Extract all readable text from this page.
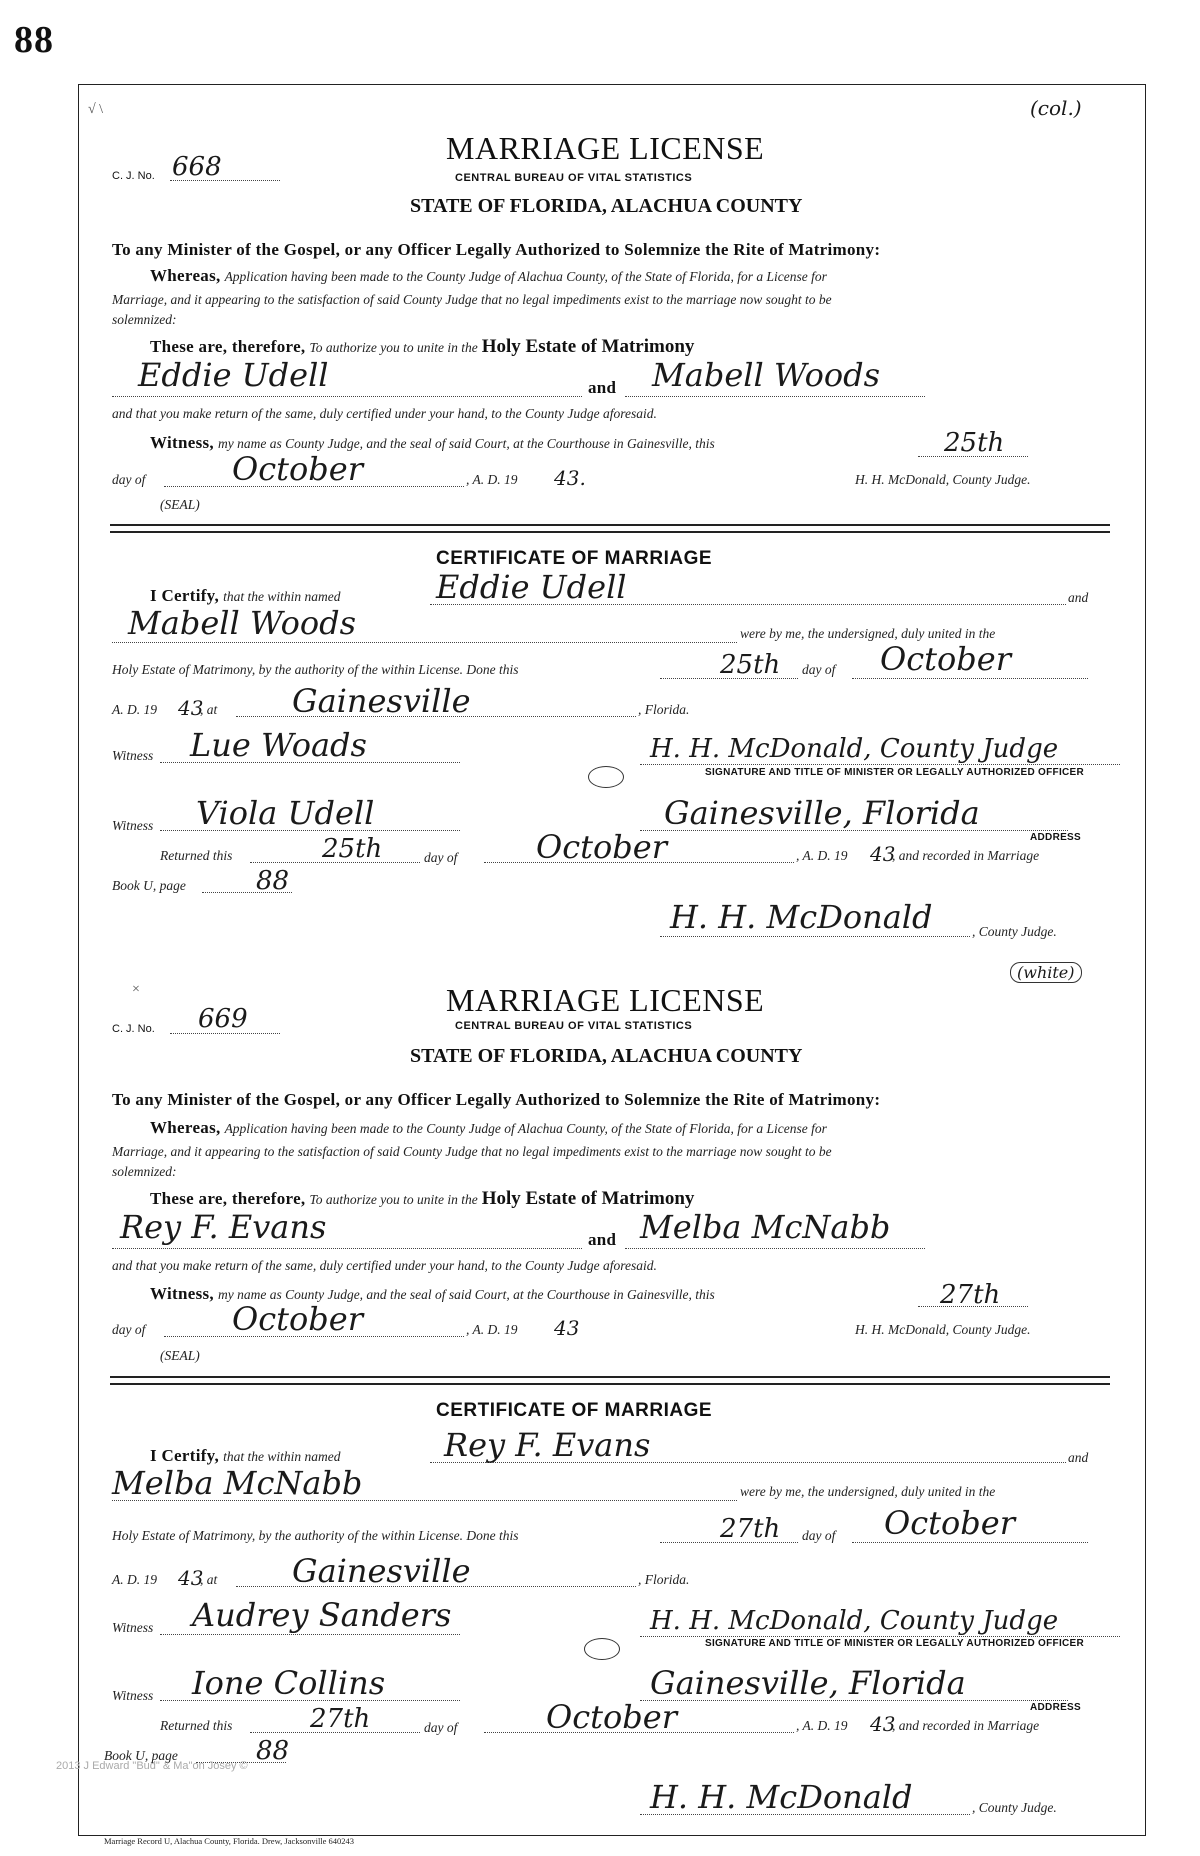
88
√ \	(col.)
C. J. No. 668
MARRIAGE LICENSE
CENTRAL BUREAU OF VITAL STATISTICS
STATE OF FLORIDA, ALACHUA COUNTY
To any Minister of the Gospel, or any Officer Legally Authorized to Solemnize the Rite of Matrimony:
Whereas, Application having been made to the County Judge of Alachua County, of the State of Florida, for a License for
Marriage, and it appearing to the satisfaction of said County Judge that no legal impediments exist to the marriage now sought to be
solemnized:
These are, therefore, To authorize you to unite in the Holy Estate of Matrimony
Eddie Udell	and Mabell Woods
and that you make return of the same, duly certified under your hand, to the County Judge aforesaid.
Witness, my name as County Judge, and the seal of said Court, at the Courthouse in Gainesville, this	25th
day of	October	, A. D. 19 43.	H. H. McDonald, County Judge.
(SEAL)
CERTIFICATE OF MARRIAGE
I Certify, that the within named	Eddie Udell	and
Mabell Woods	were by me, the undersigned, duly united in the
Holy Estate of Matrimony, by the authority of the within License. Done this	25th day of October
A. D. 19 43
, at Gainesville	, Florida.
Witness Lue Woads	H. H. McDonald, County Judge
SIGNATURE AND TITLE OF MINISTER OR LEGALLY AUTHORIZED OFFICER
Witness Viola Udell	Gainesville, Florida
ADDRESS
Returned this	25th	day of October	, A. D. 19 43
, and recorded in Marriage
Book U, page	88
H. H. McDonald	, County Judge.
×
(white)
C. J. No. 669
MARRIAGE LICENSE
CENTRAL BUREAU OF VITAL STATISTICS
STATE OF FLORIDA, ALACHUA COUNTY
To any Minister of the Gospel, or any Officer Legally Authorized to Solemnize the Rite of Matrimony:
Whereas, Application having been made to the County Judge of Alachua County, of the State of Florida, for a License for
Marriage, and it appearing to the satisfaction of said County Judge that no legal impediments exist to the marriage now sought to be
solemnized:
These are, therefore, To authorize you to unite in the Holy Estate of Matrimony
Rey F. Evans	and Melba McNabb
and that you make return of the same, duly certified under your hand, to the County Judge aforesaid.
Witness, my name as County Judge, and the seal of said Court, at the Courthouse in Gainesville, this	27th
day of	October	, A. D. 19 43	H. H. McDonald, County Judge.
(SEAL)
CERTIFICATE OF MARRIAGE
I Certify, that the within named	Rey F. Evans	and
Melba McNabb	were by me, the undersigned, duly united in the
Holy Estate of Matrimony, by the authority of the within License. Done this	27th day of October
A. D. 19 43
, at Gainesville	, Florida.
Witness Audrey Sanders	H. H. McDonald, County Judge
SIGNATURE AND TITLE OF MINISTER OR LEGALLY AUTHORIZED OFFICER
Witness Ione Collins	Gainesville, Florida
ADDRESS
Returned this	27th	day of	October	, A. D. 19 43
, and recorded in Marriage
Book U, page	88
H. H. McDonald	, County Judge.
2013 J Edward "Bud" & Ma"on Josey ©
Marriage Record U, Alachua County, Florida. Drew, Jacksonville 640243
